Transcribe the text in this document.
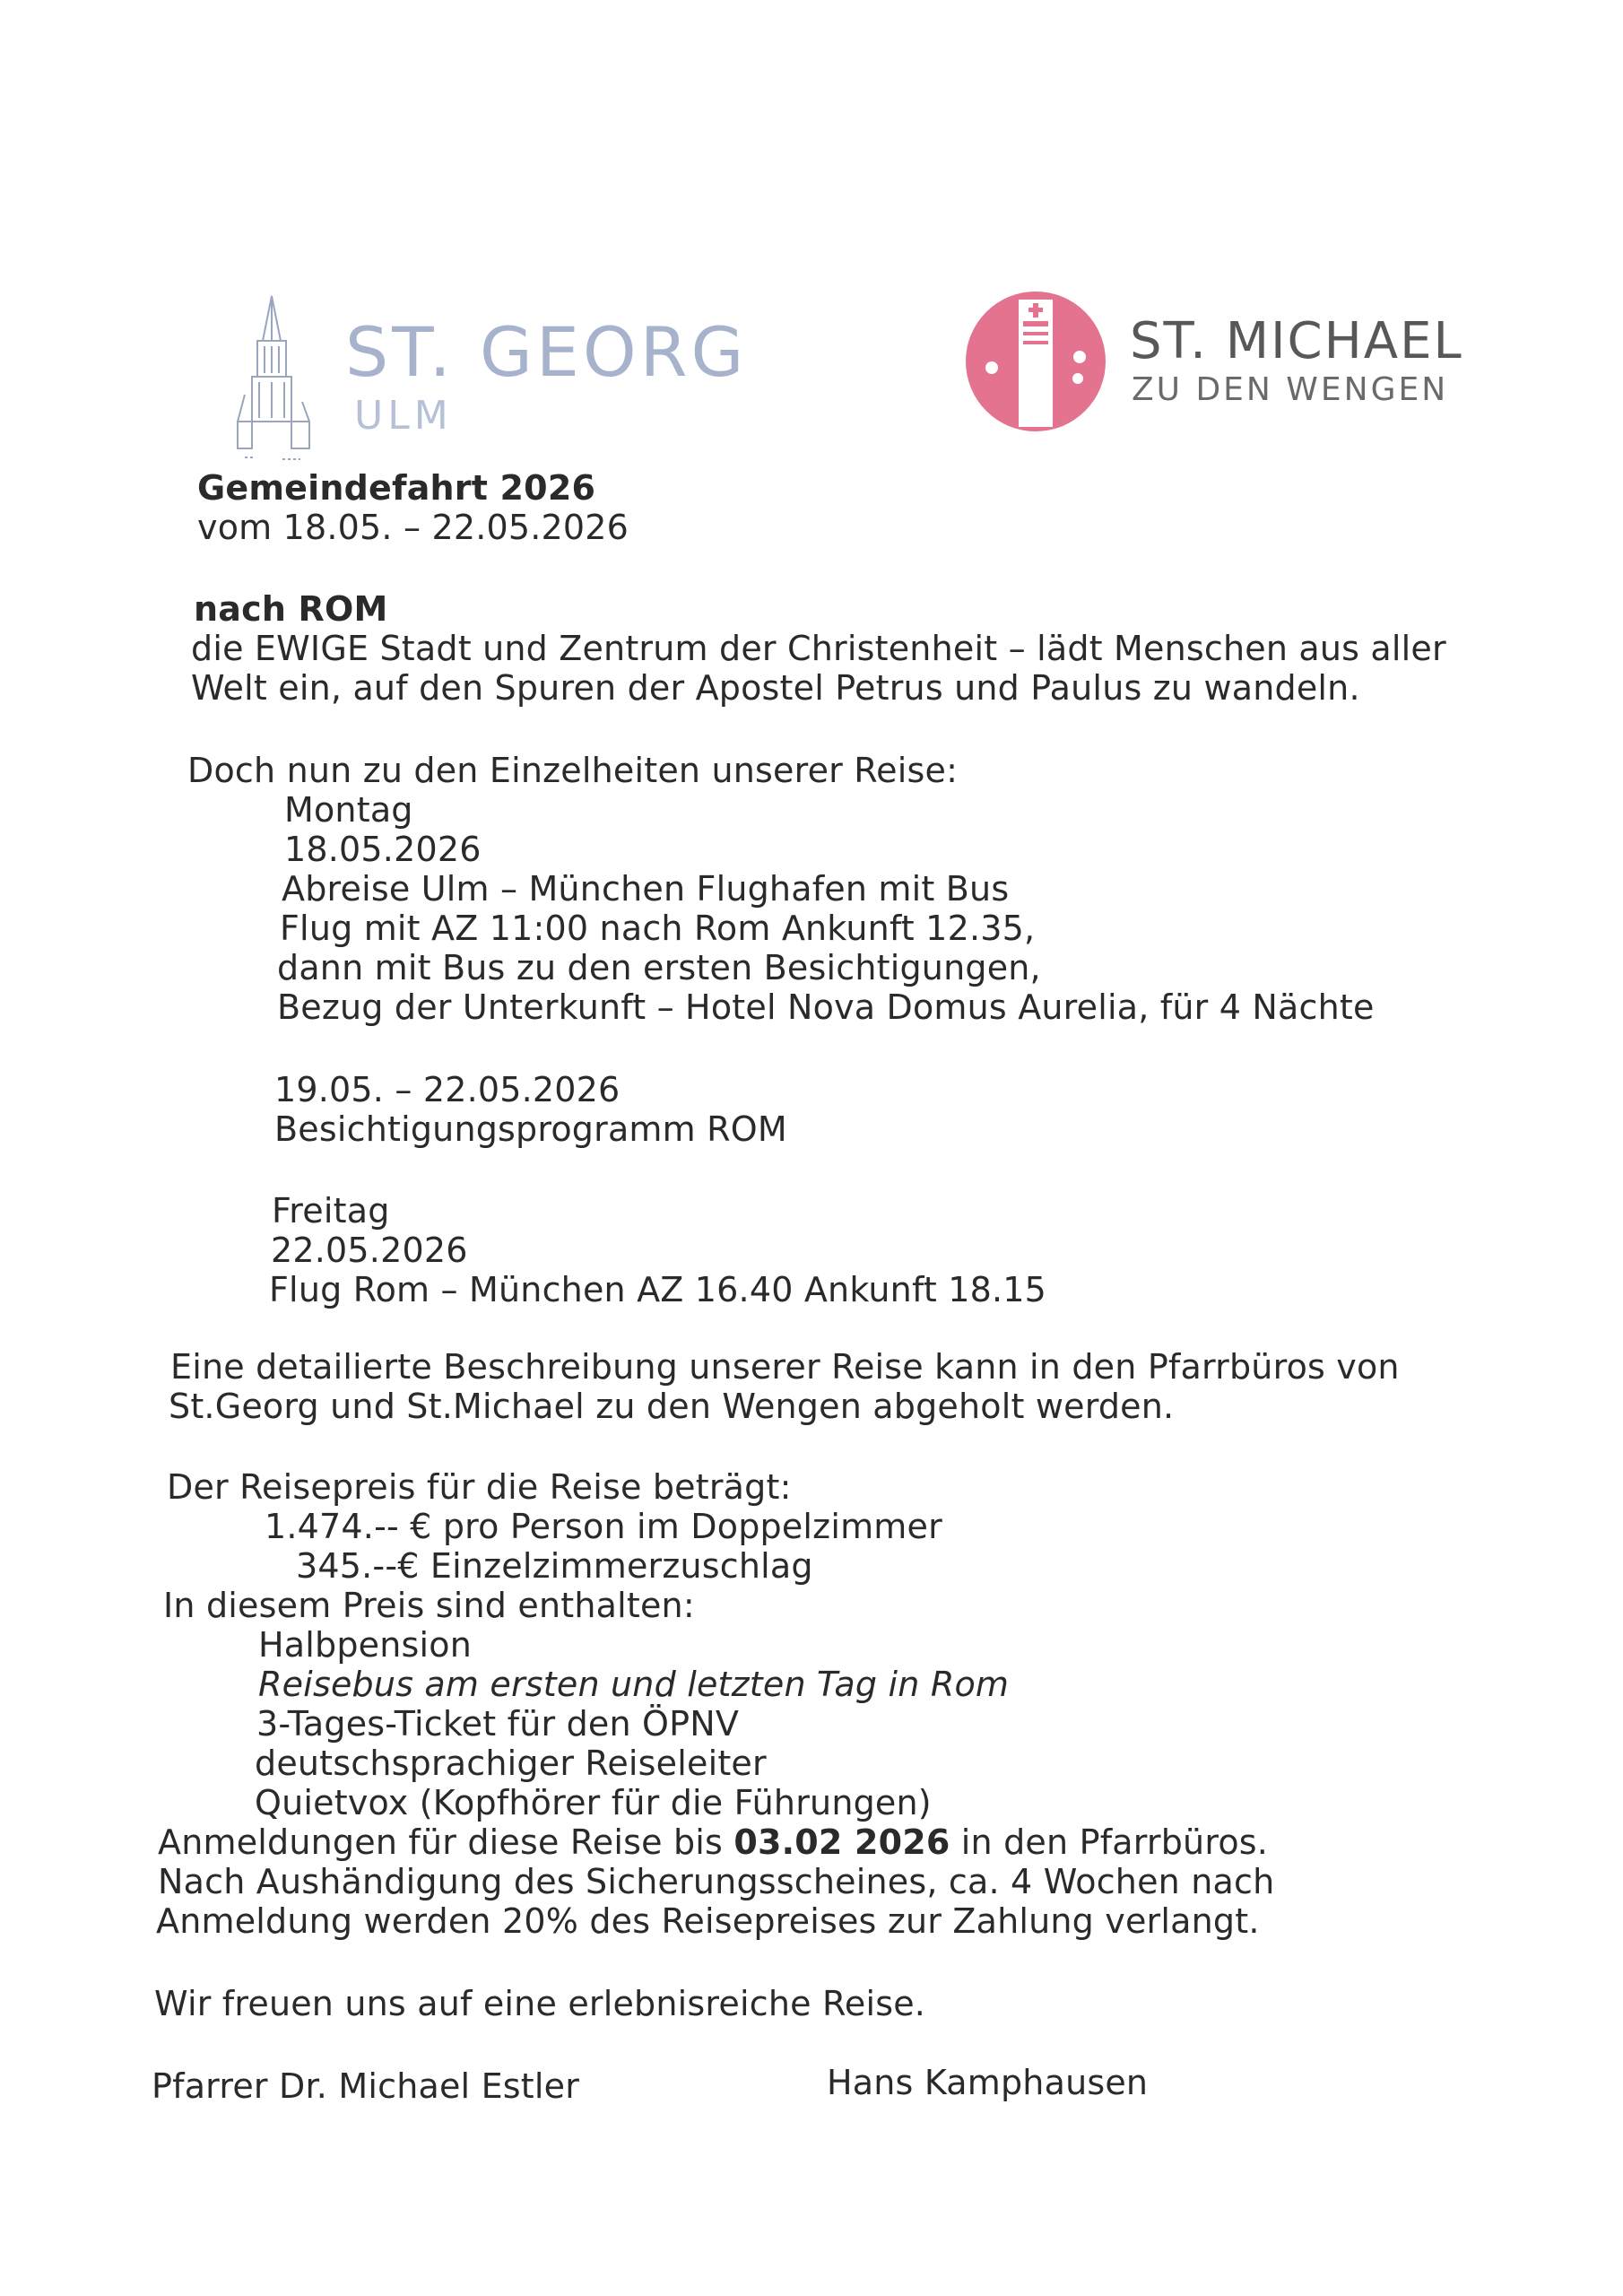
ST. GEORG
ULM
ST. MICHAEL
ZU DEN WENGEN
Gemeindefahrt 2026
vom 18.05. – 22.05.2026
nach ROM
die EWIGE Stadt und Zentrum der Christenheit – lädt Menschen aus aller
Welt ein, auf den Spuren der Apostel Petrus und Paulus zu wandeln.
Doch nun zu den Einzelheiten unserer Reise:
Montag
18.05.2026
Abreise Ulm – München Flughafen mit Bus
Flug mit AZ 11:00 nach Rom Ankunft 12.35,
dann mit Bus zu den ersten Besichtigungen,
Bezug der Unterkunft – Hotel Nova Domus Aurelia, für 4 Nächte
19.05. – 22.05.2026
Besichtigungsprogramm ROM
Freitag
22.05.2026
Flug Rom – München AZ 16.40 Ankunft 18.15
Eine detailierte Beschreibung unserer Reise kann in den Pfarrbüros von
St.Georg und St.Michael zu den Wengen abgeholt werden.
Der Reisepreis für die Reise beträgt:
1.474.-- € pro Person im Doppelzimmer
345.--€ Einzelzimmerzuschlag
In diesem Preis sind enthalten:
Halbpension
Reisebus am ersten und letzten Tag in Rom
3-Tages-Ticket für den ÖPNV
deutschsprachiger Reiseleiter
Quietvox (Kopfhörer für die Führungen)
Anmeldungen für diese Reise bis 03.02 2026 in den Pfarrbüros.
Nach Aushändigung des Sicherungsscheines, ca. 4 Wochen nach
Anmeldung werden 20% des Reisepreises zur Zahlung verlangt.
Wir freuen uns auf eine erlebnisreiche Reise.
Pfarrer Dr. Michael Estler	Hans Kamphausen
